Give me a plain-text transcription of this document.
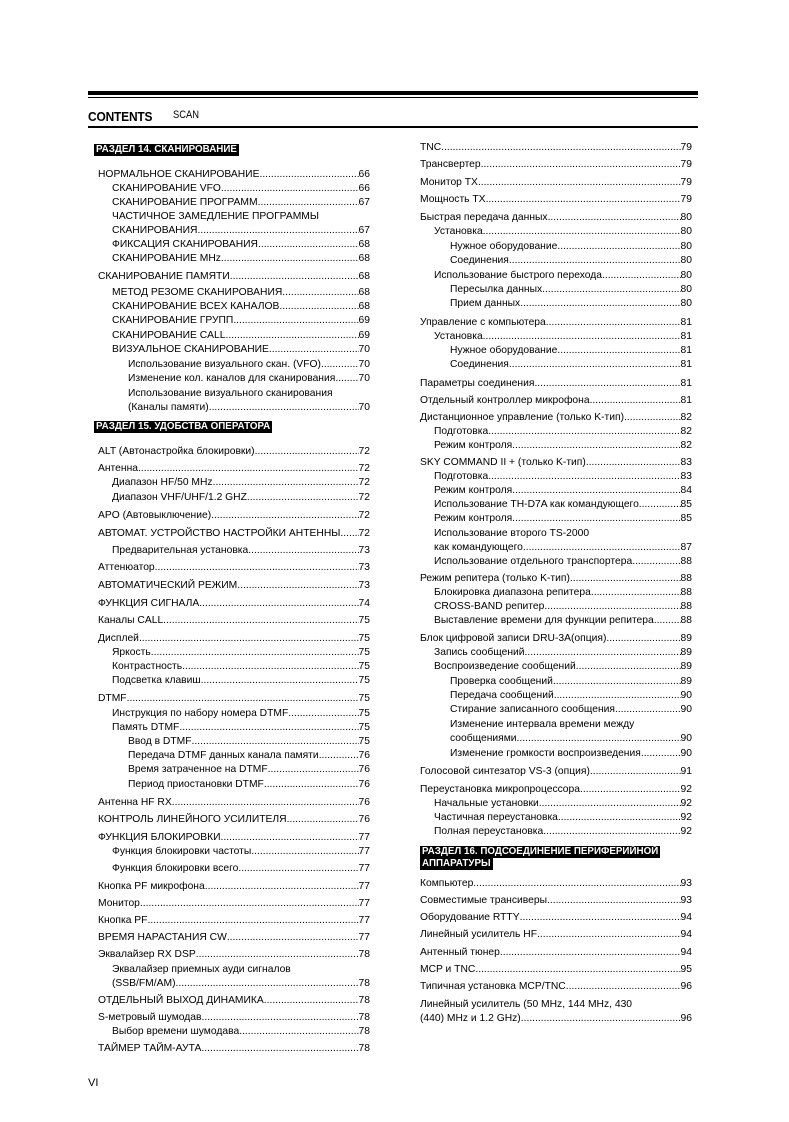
CONTENTS SCAN
НОРМАЛЬНОЕ СКАНИРОВАНИЕ .....	66
СКАНИРОВАНИЕ VFO .....	66
СКАНИРОВАНИЕ ПРОГРАММ .....	67
ЧАСТИЧНОЕ ЗАМЕДЛЕНИЕ ПРОГРАММЫ
СКАНИРОВАНИЯ .....	67
ФИКСАЦИЯ СКАНИРОВАНИЯ .....	68
СКАНИРОВАНИЕ MHz .....	68
СКАНИРОВАНИЕ ПАМЯТИ .....	68
МЕТОД РЕЗОМЕ СКАНИРОВАНИЯ .....	68
СКАНИРОВАНИЕ ВСЕХ КАНАЛОВ .....	68
СКАНИРОВАНИЕ ГРУПП .....	69
СКАНИРОВАНИЕ CALL .....	69
ВИЗУАЛЬНОЕ СКАНИРОВАНИЕ .....	70
Использование визуального скан. (VFO) .....	70
Изменение кол. каналов для сканирования ..... 70
Использование визуального сканирования
(Каналы памяти) .....	70
ALT (Автонастройка блокировки) .....	72
Антенна .....	72
Диапазон HF/50 MHz .....	72
Диапазон VHF/UHF/1.2 GHZ .....	72
APO (Автовыключение) .....	72
АВТОМАТ. УСТРОЙСТВО НАСТРОЙКИ АНТЕННЫ ..... 72
Предварительная установка .....	73
Аттенюатор .....	73
АВТОМАТИЧЕСКИЙ РЕЖИМ .....	73
ФУНКЦИЯ СИГНАЛА .....	74
Каналы CALL .....	75
Дисплей .....	75
Яркость .....	75
Контрастность .....	75
Подсветка клавиш .....	75
DTMF .....	75
Инструкция по набору номера DTMF .....	75
Память DTMF .....	75
Ввод в DTMF .....	75
Передача DTMF данных канала памяти .....	76
Время затраченное на DTMF .....	76
Период приостановки DTMF .....	76
Антенна HF RX .....	76
КОНТРОЛЬ ЛИНЕЙНОГО УСИЛИТЕЛЯ .....	76
ФУНКЦИЯ БЛОКИРОВКИ .....	77
Функция блокировки частоты .....	77
Функция блокировки всего .....	77
Кнопка PF микрофона .....	77
Монитор .....	77
Кнопка PF .....	77
ВРЕМЯ НАРАСТАНИЯ CW .....	77
Эквалайзер RX DSP .....	78
Эквалайзер приемных ауди сигналов
(SSB/FM/AM) .....	78
ОТДЕЛЬНЫЙ ВЫХОД ДИНАМИКА .....	78
S-метровый шумодав .....	78
Выбор времени шумодава .....	78
ТАЙМЕР ТАЙМ-АУТА .....	78
РАЗДЕЛ 14. СКАНИРОВАНИЕ
РАЗДЕЛ 15. УДОБСТВА ОПЕРАТОРА
TNC .....	79
Трансвертер .....	79
Монитор TX .....	79
Мощность TX .....	79
Быстрая передача данных .....	80
Установка .....	80
Нужное оборудование .....	80
Соединения .....	80
Использование быстрого перехода .....	80
Пересылка данных .....	80
Прием данных .....	80
Управление с компьютера .....	81
Установка .....	81
Нужное оборудование .....	81
Соединения .....	81
Параметры соединения .....	81
Отдельный контроллер микрофона .....	81
Дистанционное управление (только K-тип) .....	82
Подготовка .....	82
Режим контроля .....	82
SKY COMMAND II + (только K-тип) .....	83
Подготовка .....	83
Режим контроля .....	84
Использование TH-D7A как командующего .....	85
Режим контроля .....	85
Использование второго TS-2000
как командующего .....	87
Использование отдельного транспортера .....	88
Режим репитера (только K-тип) .....	88
Блокировка диапазона репитера .....	88
CROSS-BAND репитер .....	88
Выставление времени для функции репитера .....	88
Блок цифровой записи DRU-3A(опция) .....	89
Запись сообщений .....	89
Воспроизведение сообщений .....	89
Проверка сообщений .....	89
Передача сообщений .....	90
Стирание записанного сообщения .....	90
Изменение интервала времени между
сообщениями .....	90
Изменение громкости воспроизведения .....	90
Голосовой синтезатор VS-3 (опция) .....	91
Переустановка микропроцесcора .....	92
Начальные установки .....	92
Частичная переустановка .....	92
Полная переустановка .....	92
Компьютер .....	93
Совместимые трансиверы .....	93
Оборудование RTTY .....	94
Линейный усилитель HF .....	94
Антенный тюнер .....	94
MCP и TNC .....	95
Типичная установка MCP/TNC .....	96
Линейный усилитель (50 MHz, 144 MHz, 430
(440) MHz и 1.2 GHz) .....	96
РАЗДЕЛ 16. ПОДСОЕДИНЕНИЕ ПЕРИФЕРИЙНОЙ
АППАРАТУРЫ
VI
